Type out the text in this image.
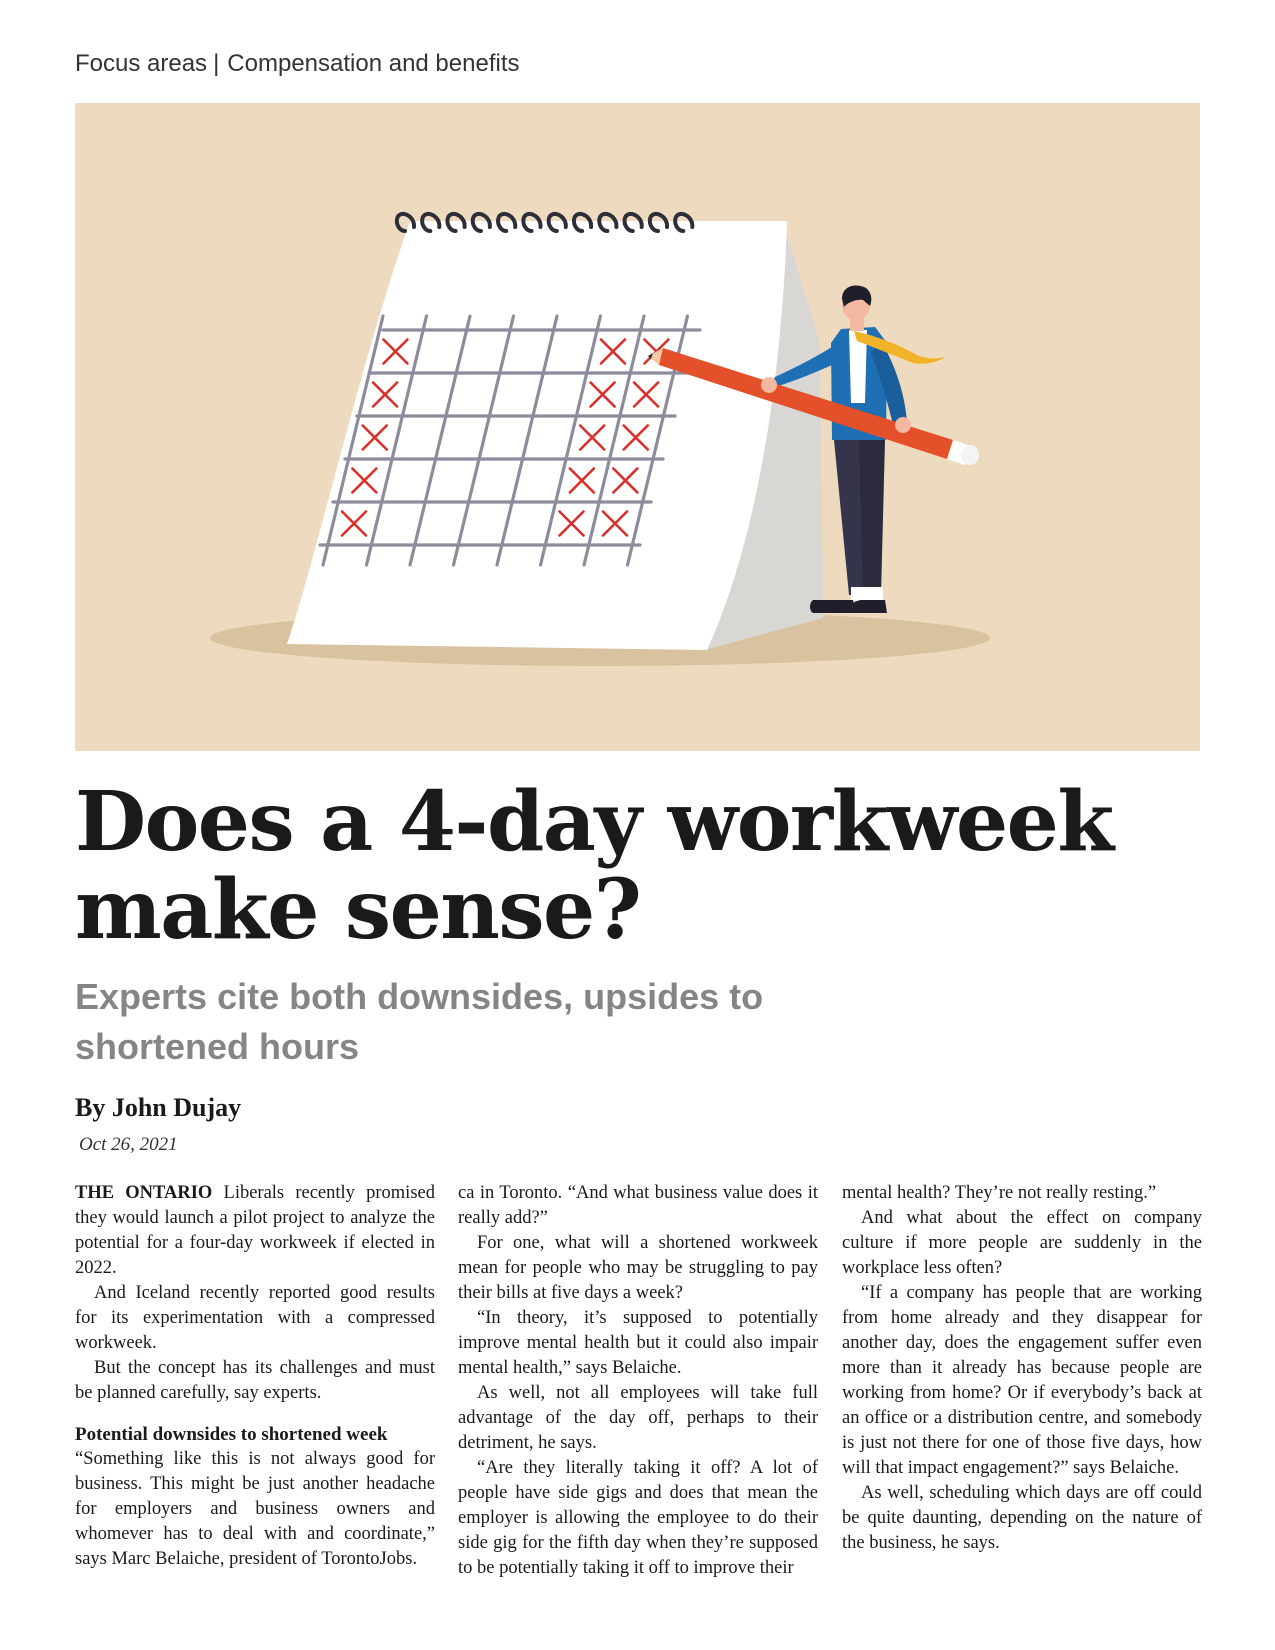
Focus areas | Compensation and benefits
Does a 4-day workweek
make sense?
Experts cite both downsides, upsides to
shortened hours
By John Dujay
Oct 26, 2021

THE ONTARIO Liberals recently promised they would launch a pilot project to analyze the potential for a four-day workweek if elected in 2022.

And Iceland recently reported good results for its experimentation with a compressed workweek.

But the concept has its challenges and must be planned carefully, say experts.

Potential downsides to shortened week

“Something like this is not always good for business. This might be just another headache for employers and business owners and whomever has to deal with and coordinate,” says Marc Belaiche, president of TorontoJobs.

ca in Toronto. “And what business value does it really add?”

For one, what will a shortened workweek mean for people who may be struggling to pay their bills at five days a week?

“In theory, it’s supposed to potentially improve mental health but it could also impair mental health,” says Belaiche.

As well, not all employees will take full advantage of the day off, perhaps to their detriment, he says.

“Are they literally taking it off? A lot of people have side gigs and does that mean the employer is allowing the employee to do their side gig for the fifth day when they’re supposed to be potentially taking it off to improve their

mental health? They’re not really resting.”

And what about the effect on company culture if more people are suddenly in the workplace less often?

“If a company has people that are working from home already and they disappear for another day, does the engagement suffer even more than it already has because people are working from home? Or if everybody’s back at an office or a distribution centre, and somebody is just not there for one of those five days, how will that impact engagement?” says Belaiche.

As well, scheduling which days are off could be quite daunting, depending on the nature of the business, he says.
